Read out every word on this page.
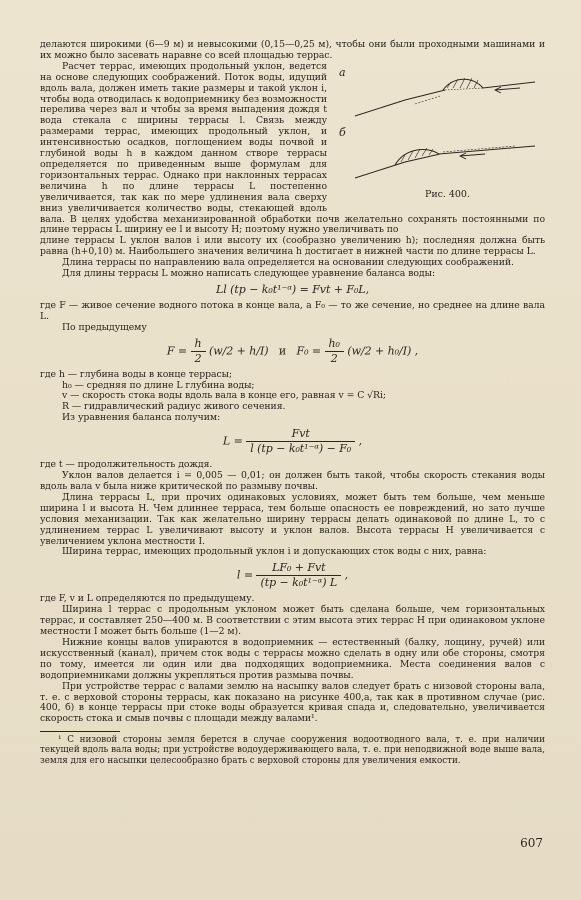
делаются широкими (6—9 м) и невысокими (0,15—0,25 м), чтобы они были проходными машинами и их можно было засевать наравне со всей площадью террас.

а
б
Рис. 400.

Расчет террас, имеющих продольный уклон, ведется на основе следующих соображений. Поток воды, идущий вдоль вала, должен иметь такие размеры и такой уклон i, чтобы вода отводилась к водоприемнику без возможности перелива через вал и чтобы за время выпадения дождя t вода стекала с ширины террасы l. Связь между размерами террас, имеющих продольный уклон, и интенсивностью осадков, поглощением воды почвой и глубиной воды h в каждом данном створе террасы определяется по приведенным выше формулам для горизонтальных террас. Однако при наклонных террасах величина h по длине террасы L постепенно увеличивается, так как по мере удлинения вала сверху вниз увеличивается количество воды, стекающей вдоль вала. В целях удобства механизированной обработки почв желательно сохранять постоянными по длине террасы L ширину ее l и высоту H; поэтому нужно увеличивать по

длине террасы L уклон валов i или высоту их (сообразно увеличению h); последняя должна быть равна (h+0,10) м. Наибольшего значения величина h достигает в нижней части по длине террасы L.

Длина террасы по направлению вала определяется на основании следующих соображений.

Для длины террасы L можно написать следующее уравнение баланса воды:

Ll (tp − k₀t¹⁻ᵅ) = Fvt + F₀L,

где F — живое сечение водного потока в конце вала, а F₀ — то же сечение, но среднее на длине вала L.

По предыдущему

$F = \frac{h}{2} (w/2 + h/I)$ и $F_0 = \frac{\text{h₀}}{2} (w/2 + h_0/I)$ ,

где h — глубина воды в конце террасы;

h₀ — средняя по длине L глубина воды;

v — скорость стока воды вдоль вала в конце его, равная v = C √Ri;

R — гидравлический радиус живого сечения.

Из уравнения баланса получим:

$L = \frac{\text{Fvt}}{\text{l (tp − k₀t¹⁻ᵅ) − F₀}}$ ,

где t — продолжительность дождя.

Уклон валов делается i = 0,005 — 0,01; он должен быть такой, чтобы скорость стекания воды вдоль вала v была ниже критической по размыву почвы.

Длина террасы L, при прочих одинаковых условиях, может быть тем больше, чем меньше ширина l и высота H. Чем длиннее терраса, тем больше опасность ее повреждений, но зато лучше условия механизации. Так как желательно ширину террасы делать одинаковой по длине L, то с удлинением террас L увеличивают высоту и уклон валов. Высота террасы H увеличивается с увеличением уклона местности I.

Ширина террас, имеющих продольный уклон i и допускающих сток воды с них, равна:

$l = \frac{\text{LF₀ + Fvt}}{\text{(tp − k₀t¹⁻ᵅ) L}}$ ,

где F, v и L определяются по предыдущему.

Ширина l террас с продольным уклоном может быть сделана больше, чем горизонтальных террас, и составляет 250—400 м. В соответствии с этим высота этих террас H при одинаковом уклоне местности I может быть больше (1—2 м).

Нижние концы валов упираются в водоприемник — естественный (балку, лощину, ручей) или искусственный (канал), причем сток воды с террасы можно сделать в одну или обе стороны, смотря по тому, имеется ли один или два подходящих водоприемника. Места соединения валов с водоприемниками должны укрепляться против размыва почвы.

При устройстве террас с валами землю на насыпку валов следует брать с низовой стороны вала, т. е. с верховой стороны террасы, как показано на рисунке 400,а, так как в противном случае (рис. 400, б) в конце террасы при стоке воды образуется кривая спада и, следовательно, увеличивается скорость стока и смыв почвы с площади между валами¹.

¹ С низовой стороны земля берется в случае сооружения водоотводного вала, т. е. при наличии текущей вдоль вала воды; при устройстве водоудерживающего вала, т. е. при неподвижной воде выше вала, земля для его насыпки целесообразно брать с верховой стороны для увеличения емкости.

607
